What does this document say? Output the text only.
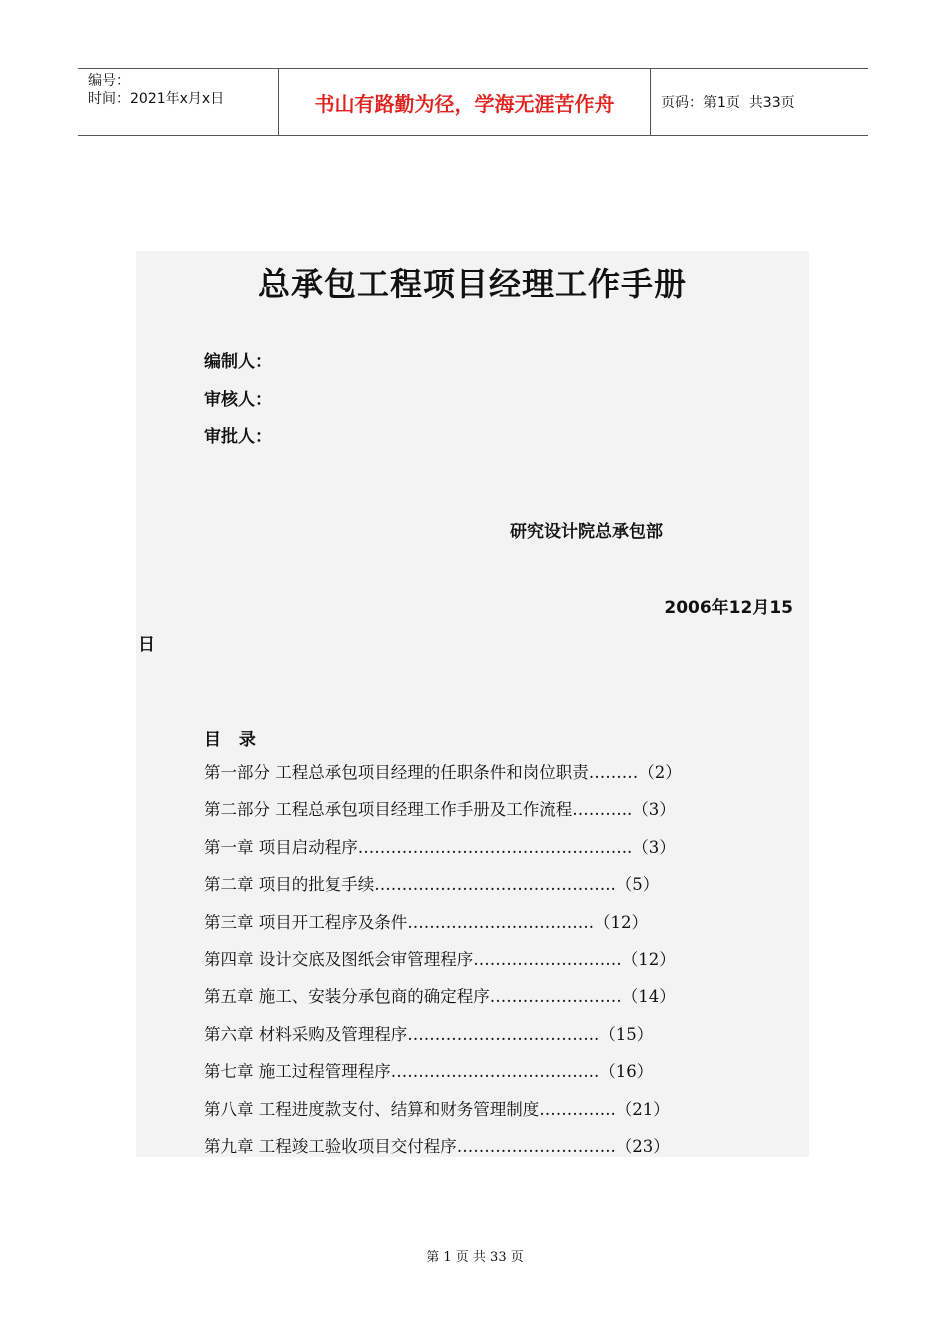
编号：
时间：2021年x月x日	书山有路勤为径，学海无涯苦作舟	页码：第1页  共33页
总承包工程项目经理工作手册
编制人：
审核人：
审批人：
研究设计院总承包部
2006年12月15
日
目 录
第一部分 工程总承包项目经理的任职条件和岗位职责………（2）
第二部分 工程总承包项目经理工作手册及工作流程………..（3）
第一章 项目启动程序…………………………………………..（3）
第二章 项目的批复手续……………………………………..（5）
第三章 项目开工程序及条件…………………………….（12）
第四章 设计交底及图纸会审管理程序………………………（12）
第五章 施工、安装分承包商的确定程序……………………（14）
第六章 材料采购及管理程序……………………………..（15）
第七章 施工过程管理程序………………………………..（16）
第八章 工程进度款支付、结算和财务管理制度…………..（21）
第九章 工程竣工验收项目交付程序………………………..（23）
第 1 页 共 33 页
